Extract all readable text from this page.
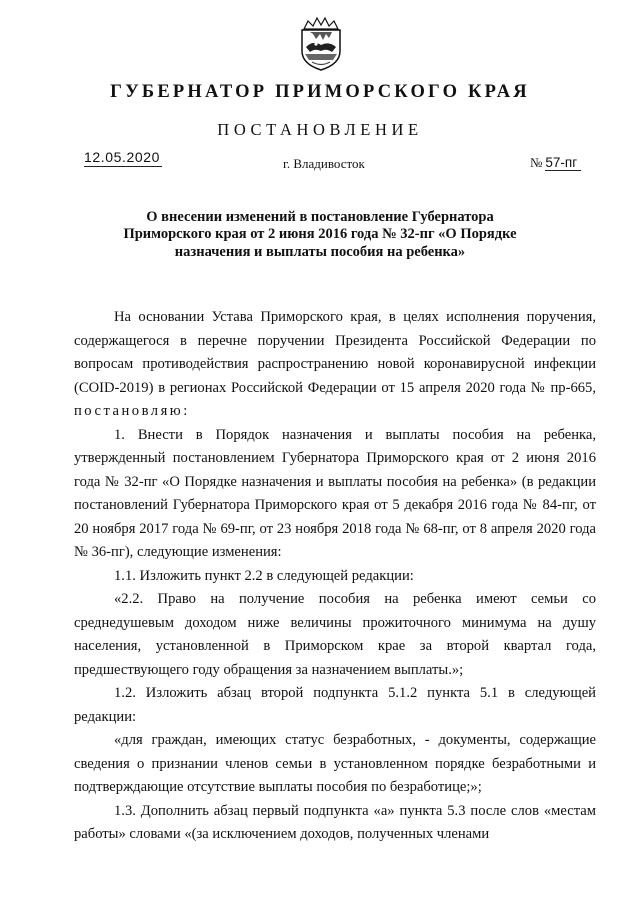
ГУБЕРНАТОР ПРИМОРСКОГО КРАЯ
ПОСТАНОВЛЕНИЕ
12.05.2020	г. Владивосток	№ 57-пг
О внесении изменений в постановление Губернатора Приморского края от 2 июня 2016 года № 32-пг «О Порядке назначения и выплаты пособия на ребенка»

На основании Устава Приморского края, в целях исполнения поручения, содержащегося в перечне поручении Президента Российской Федерации по вопросам противодействия распространению новой коронавирусной инфекции (COID-2019) в регионах Российской Федерации от 15 апреля 2020 года № пр-665, постановляю:

1. Внести в Порядок назначения и выплаты пособия на ребенка, утвержденный постановлением Губернатора Приморского края от 2 июня 2016 года № 32-пг «О Порядке назначения и выплаты пособия на ребенка» (в редакции постановлений Губернатора Приморского края от 5 декабря 2016 года № 84-пг, от 20 ноября 2017 года № 69-пг, от 23 ноября 2018 года № 68-пг, от 8 апреля 2020 года № 36-пг), следующие изменения:

1.1. Изложить пункт 2.2 в следующей редакции:

«2.2. Право на получение пособия на ребенка имеют семьи со среднедушевым доходом ниже величины прожиточного минимума на душу населения, установленной в Приморском крае за второй квартал года, предшествующего году обращения за назначением выплаты.»;

1.2. Изложить абзац второй подпункта 5.1.2 пункта 5.1 в следующей редакции:

«для граждан, имеющих статус безработных, - документы, содержащие сведения о признании членов семьи в установленном порядке безработными и подтверждающие отсутствие выплаты пособия по безработице;»;

1.3. Дополнить абзац первый подпункта «а» пункта 5.3 после слов «местам работы» словами «(за исключением доходов, полученных членами
